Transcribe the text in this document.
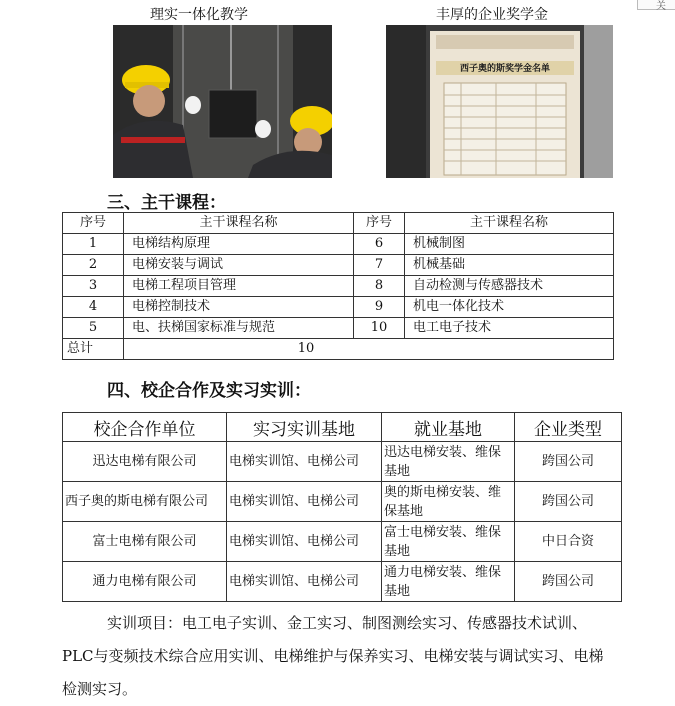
关
理实一体化教学	丰厚的企业奖学金
西子奥的斯奖学金名单
三、主干课程：
序号	主干课程名称	序号	主干课程名称
1	电梯结构原理	6	机械制图
2	电梯安装与调试	7	机械基础
3	电梯工程项目管理	8	自动检测与传感器技术
4	电梯控制技术	9	机电一体化技术
5	电、扶梯国家标准与规范	10	电工电子技术
总计	10		
四、校企合作及实习实训：
校企合作单位	实习实训基地	就业基地	企业类型
迅达电梯有限公司	电梯实训馆、电梯公司	迅达电梯安装、维保基地	跨国公司
西子奥的斯电梯有限公司	电梯实训馆、电梯公司	奥的斯电梯安装、维保基地	跨国公司
富士电梯有限公司	电梯实训馆、电梯公司	富士电梯安装、维保基地	中日合资
通力电梯有限公司	电梯实训馆、电梯公司	通力电梯安装、维保基地	跨国公司
实训项目：电工电子实训、金工实习、制图测绘实习、传感器技术试训、PLC与变频技术综合应用实训、电梯维护与保养实习、电梯安装与调试实习、电梯检测实习。
